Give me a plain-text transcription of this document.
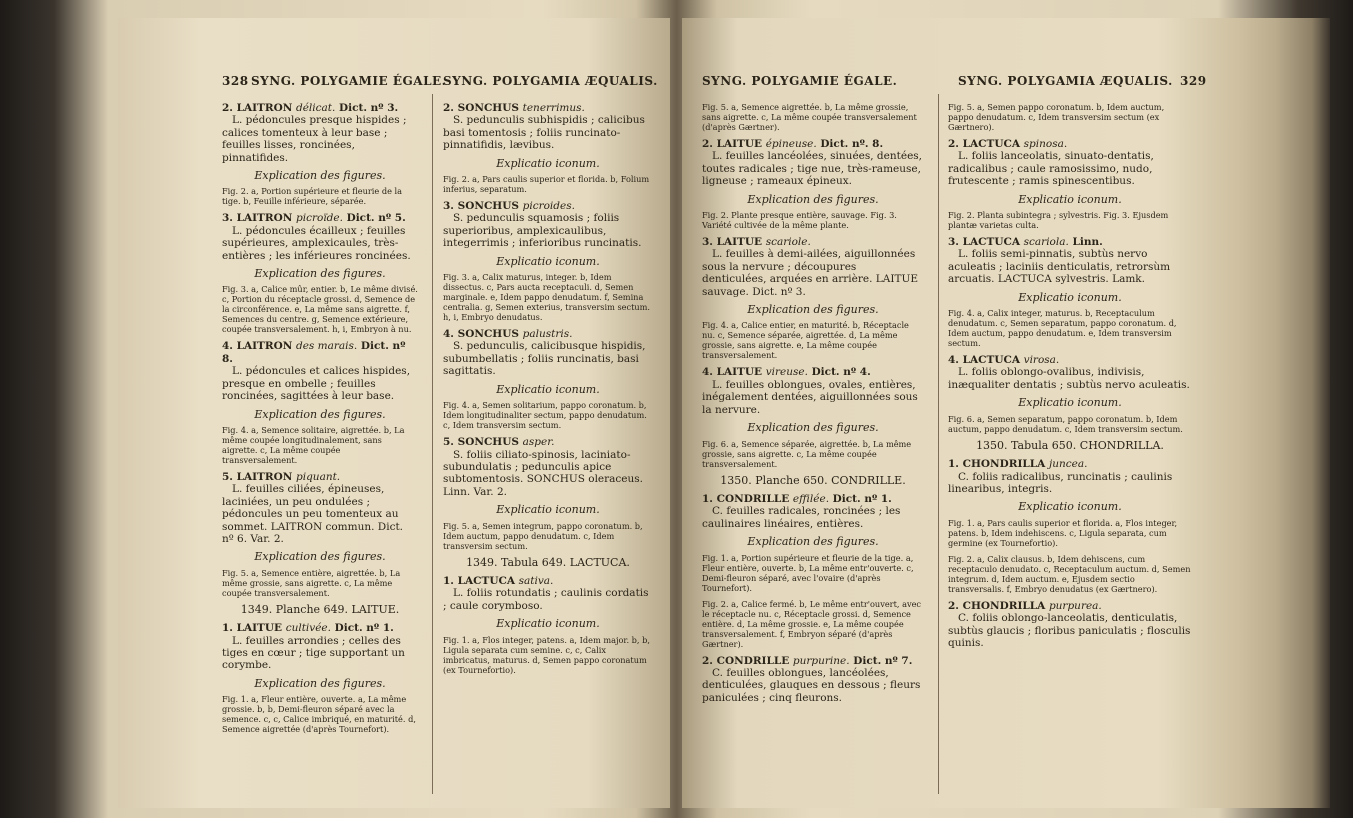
328 SYNG. POLYGAMIE ÉGALE.
SYNG. POLYGAMIA ÆQUALIS.
2. LAITRON délicat. Dict. nº 3.
L. pédoncules presque hispides ; calices tomenteux à leur base ; feuilles lisses, roncinées, pinnatifides.
Explication des figures.
Fig. 2. a, Portion supérieure et fleurie de la tige. b, Feuille inférieure, séparée.
3. LAITRON picroïde. Dict. nº 5.
L. pédoncules écailleux ; feuilles supérieures, amplexicaules, très-entières ; les inférieures roncinées.
Explication des figures.
Fig. 3. a, Calice mûr, entier. b, Le même divisé. c, Portion du réceptacle grossi. d, Semence de la circonférence. e, La même sans aigrette. f, Semences du centre. g, Semence extérieure, coupée transversalement. h, i, Embryon à nu.
4. LAITRON des marais. Dict. nº 8.
L. pédoncules et calices hispides, presque en ombelle ; feuilles roncinées, sagittées à leur base.
Explication des figures.
Fig. 4. a, Semence solitaire, aigrettée. b, La même coupée longitudinalement, sans aigrette. c, La même coupée transversalement.
5. LAITRON piquant.
L. feuilles ciliées, épineuses, laciniées, un peu ondulées ; pédoncules un peu tomenteux au sommet. LAITRON commun. Dict. nº 6. Var. 2.
Explication des figures.
Fig. 5. a, Semence entière, aigrettée. b, La même grossie, sans aigrette. c, La même coupée transversalement.
1349. Planche 649. LAITUE.
1. LAITUE cultivée. Dict. nº 1.
L. feuilles arrondies ; celles des tiges en cœur ; tige supportant un corymbe.
Explication des figures.
Fig. 1. a, Fleur entière, ouverte. a, La même grossie. b, b, Demi-fleuron séparé avec la semence. c, c, Calice imbriqué, en maturité. d, Semence aigrettée (d'après Tournefort).
2. SONCHUS tenerrimus.
S. pedunculis subhispidis ; calicibus basi tomentosis ; foliis runcinato-pinnatifidis, lævibus.
Explicatio iconum.
Fig. 2. a, Pars caulis superior et florida. b, Folium inferius, separatum.
3. SONCHUS picroides.
S. pedunculis squamosis ; foliis superioribus, amplexicaulibus, integerrimis ; inferioribus runcinatis.
Explicatio iconum.
Fig. 3. a, Calix maturus, integer. b, Idem dissectus. c, Pars aucta receptaculi. d, Semen marginale. e, Idem pappo denudatum. f, Semina centralia. g, Semen exterius, transversim sectum. h, i, Embryo denudatus.
4. SONCHUS palustris.
S. pedunculis, calicibusque hispidis, subumbellatis ; foliis runcinatis, basi sagittatis.
Explicatio iconum.
Fig. 4. a, Semen solitarium, pappo coronatum. b, Idem longitudinaliter sectum, pappo denudatum. c, Idem transversim sectum.
5. SONCHUS asper.
S. foliis ciliato-spinosis, laciniato-subundulatis ; pedunculis apice subtomentosis. SONCHUS oleraceus. Linn. Var. 2.
Explicatio iconum.
Fig. 5. a, Semen integrum, pappo coronatum. b, Idem auctum, pappo denudatum. c, Idem transversim sectum.
1349. Tabula 649. LACTUCA.
1. LACTUCA sativa.
L. foliis rotundatis ; caulinis cordatis ; caule corymboso.
Explicatio iconum.
Fig. 1. a, Flos integer, patens. a, Idem major. b, b, Ligula separata cum semine. c, c, Calix imbricatus, maturus. d, Semen pappo coronatum (ex Tournefortio).
SYNG. POLYGAMIE ÉGALE.	SYNG. POLYGAMIA ÆQUALIS. 329
Fig. 5. a, Semence aigrettée. b, La même grossie, sans aigrette. c, La même coupée transversalement (d'après Gærtner).
2. LAITUE épineuse. Dict. nº. 8.
L. feuilles lancéolées, sinuées, dentées, toutes radicales ; tige nue, très-rameuse, ligneuse ; rameaux épineux.
Explication des figures.
Fig. 2. Plante presque entière, sauvage. Fig. 3. Variété cultivée de la même plante.
3. LAITUE scariole.
L. feuilles à demi-ailées, aiguillonnées sous la nervure ; découpures denticulées, arquées en arrière. LAITUE sauvage. Dict. nº 3.
Explication des figures.
Fig. 4. a, Calice entier, en maturité. b, Réceptacle nu. c, Semence séparée, aigrettée. d, La même grossie, sans aigrette. e, La même coupée transversalement.
4. LAITUE vireuse. Dict. nº 4.
L. feuilles oblongues, ovales, entières, inégalement dentées, aiguillonnées sous la nervure.
Explication des figures.
Fig. 6. a, Semence séparée, aigrettée. b, La même grossie, sans aigrette. c, La même coupée transversalement.
1350. Planche 650. CONDRILLE.
1. CONDRILLE effilée. Dict. nº 1.
C. feuilles radicales, roncinées ; les caulinaires linéaires, entières.
Explication des figures.
Fig. 1. a, Portion supérieure et fleurie de la tige. a, Fleur entière, ouverte. b, La même entr'ouverte. c, Demi-fleuron séparé, avec l'ovaire (d'après Tournefort).
Fig. 2. a, Calice fermé. b, Le même entr'ouvert, avec le réceptacle nu. c, Réceptacle grossi. d, Semence entière. d, La même grossie. e, La même coupée transversalement. f, Embryon séparé (d'après Gærtner).
2. CONDRILLE purpurine. Dict. nº 7.
C. feuilles oblongues, lancéolées, denticulées, glauques en dessous ; fleurs paniculées ; cinq fleurons.
Fig. 5. a, Semen pappo coronatum. b, Idem auctum, pappo denudatum. c, Idem transversim sectum (ex Gærtnero).
2. LACTUCA spinosa.
L. foliis lanceolatis, sinuato-dentatis, radicalibus ; caule ramosissimo, nudo, frutescente ; ramis spinescentibus.
Explicatio iconum.
Fig. 2. Planta subintegra ; sylvestris. Fig. 3. Ejusdem plantæ varietas culta.
3. LACTUCA scariola. Linn.
L. foliis semi-pinnatis, subtùs nervo aculeatis ; laciniis denticulatis, retrorsùm arcuatis. LACTUCA sylvestris. Lamk.
Explicatio iconum.
Fig. 4. a, Calix integer, maturus. b, Receptaculum denudatum. c, Semen separatum, pappo coronatum. d, Idem auctum, pappo denudatum. e, Idem transversim sectum.
4. LACTUCA virosa.
L. foliis oblongo-ovalibus, indivisis, inæqualiter dentatis ; subtùs nervo aculeatis.
Explicatio iconum.
Fig. 6. a, Semen separatum, pappo coronatum. b, Idem auctum, pappo denudatum. c, Idem transversim sectum.
1350. Tabula 650. CHONDRILLA.
1. CHONDRILLA juncea.
C. foliis radicalibus, runcinatis ; caulinis linearibus, integris.
Explicatio iconum.
Fig. 1. a, Pars caulis superior et florida. a, Flos integer, patens. b, Idem indehiscens. c, Ligula separata, cum germine (ex Tournefortio).
Fig. 2. a, Calix clausus. b, Idem dehiscens, cum receptaculo denudato. c, Receptaculum auctum. d, Semen integrum. d, Idem auctum. e, Ejusdem sectio transversalis. f, Embryo denudatus (ex Gærtnero).
2. CHONDRILLA purpurea.
C. foliis oblongo-lanceolatis, denticulatis, subtùs glaucis ; floribus paniculatis ; flosculis quinis.
